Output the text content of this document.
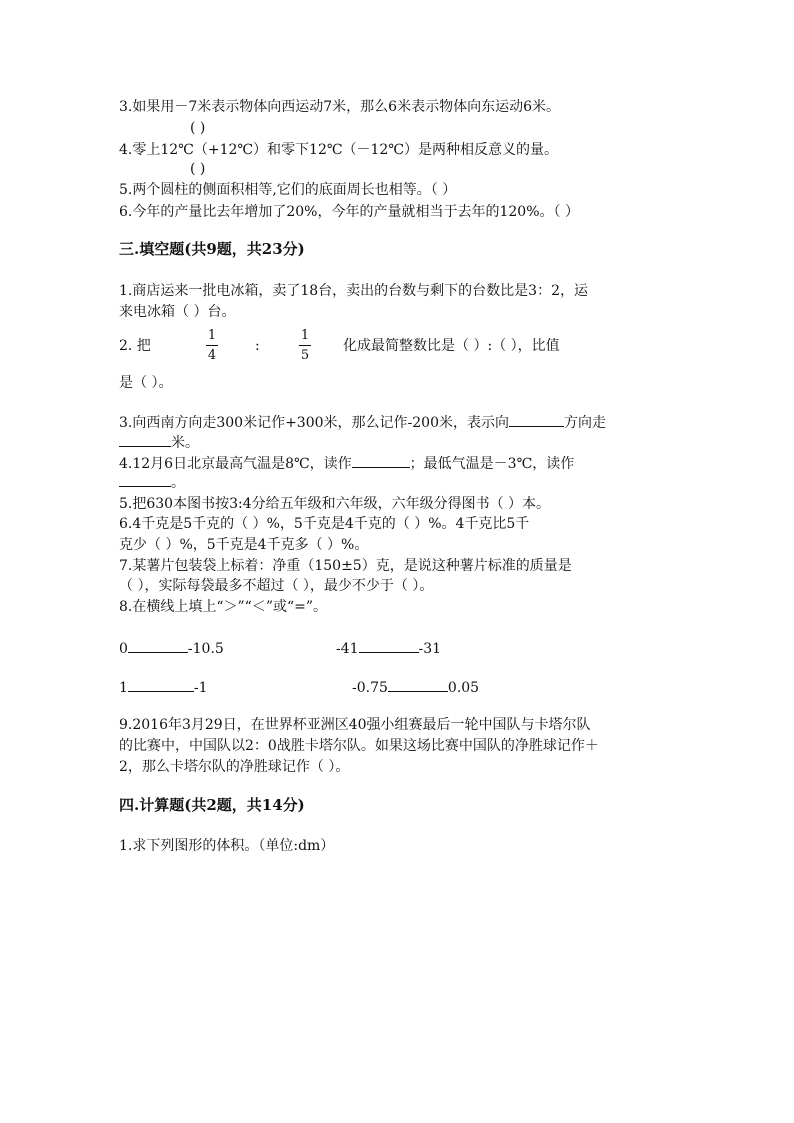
3.如果用－7米表示物体向西运动7米，那么6米表示物体向东运动6米。
( )
4.零上12℃（+12℃）和零下12℃（－12℃）是两种相反意义的量。
( )
5.两个圆柱的侧面积相等,它们的底面周长也相等。（ ）
6.今年的产量比去年增加了20%，今年的产量就相当于去年的120%。（ ）
三.填空题(共9题，共23分)
1.商店运来一批电冰箱，卖了18台，卖出的台数与剩下的台数比是3：2，运
来电冰箱（ ）台。
2. 把
1
4
:
1
5
化成最简整数比是（ ）:（ ），比值
是（ ）。
3.向西南方向走300米记作+300米，那么记作-200米，表示向	方向走
米。
4.12月6日北京最高气温是8℃，读作	；最低气温是－3℃，读作
。
5.把630本图书按3:4分给五年级和六年级，六年级分得图书（ ）本。
6.4千克是5千克的（ ）%，5千克是4千克的（ ）%。4千克比5千
克少（ ）%，5千克是4千克多（ ）%。
7.某薯片包装袋上标着：净重（150±5）克，是说这种薯片标准的质量是
（ ），实际每袋最多不超过（ ），最少不少于（ ）。
8.在横线上填上“＞”“＜”或“=”。
0	-10.5	-41	-31
1	-1	-0.75	0.05
9.2016年3月29日，在世界杯亚洲区40强小组赛最后一轮中国队与卡塔尔队
的比赛中，中国队以2：0战胜卡塔尔队。如果这场比赛中国队的净胜球记作＋
2，那么卡塔尔队的净胜球记作（ ）。
四.计算题(共2题，共14分)
1.求下列图形的体积。（单位:dm）
